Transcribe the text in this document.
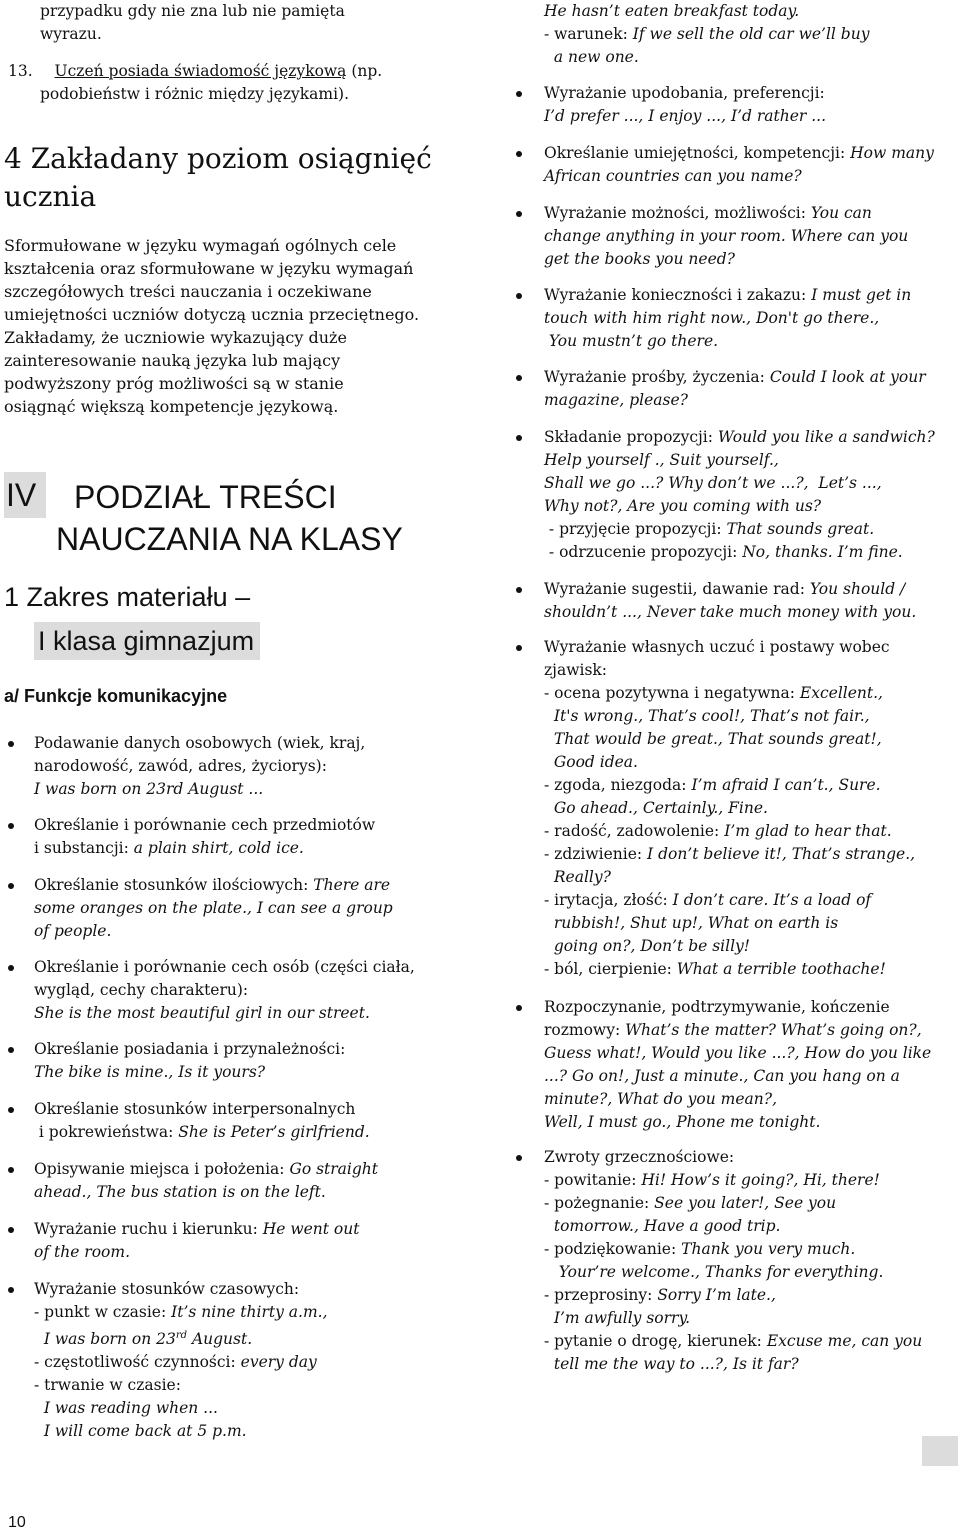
przypadku gdy nie zna lub nie pamięta
wyrazu.
13. Uczeń posiada świadomość językową (np.
podobieństw i różnic między językami).
4 Zakładany poziom osiągnięć
ucznia
Sformułowane w języku wymagań ogólnych cele
kształcenia oraz sformułowane w języku wymagań
szczegółowych treści nauczania i oczekiwane
umiejętności uczniów dotyczą ucznia przeciętnego.
Zakładamy, że uczniowie wykazujący duże
zainteresowanie nauką języka lub mający
podwyższony próg możliwości są w stanie
osiągnąć większą kompetencje językową.
IV	PODZIAŁ TREŚCI
NAUCZANIA NA KLASY
1 Zakres materiału –
I klasa gimnazjum
a/ Funkcje komunikacyjne
Podawanie danych osobowych (wiek, kraj,
narodowość, zawód, adres, życiorys):
I was born on 23rd August ...
Określanie i porównanie cech przedmiotów
i substancji: a plain shirt, cold ice.
Określanie stosunków ilościowych: There are
some oranges on the plate., I can see a group
of people.
Określanie i porównanie cech osób (części ciała,
wygląd, cechy charakteru):
She is the most beautiful girl in our street.
Określanie posiadania i przynależności:
The bike is mine., Is it yours?
Określanie stosunków interpersonalnych
i pokrewieństwa: She is Peter’s girlfriend.
Opisywanie miejsca i położenia: Go straight
ahead., The bus station is on the left.
Wyrażanie ruchu i kierunku: He went out
of the room.
Wyrażanie stosunków czasowych:
- punkt w czasie: It’s nine thirty a.m.,
I was born on 23rd August.
- częstotliwość czynności: every day
- trwanie w czasie:
I was reading when ...
I will come back at 5 p.m.
He hasn’t eaten breakfast today.
- warunek: If we sell the old car we’ll buy
a new one.
Wyrażanie upodobania, preferencji:
I’d prefer ..., I enjoy ..., I’d rather ...
Określanie umiejętności, kompetencji: How many
African countries can you name?
Wyrażanie możności, możliwości: You can
change anything in your room. Where can you
get the books you need?
Wyrażanie konieczności i zakazu: I must get in
touch with him right now., Don't go there.,
You mustn’t go there.
Wyrażanie prośby, życzenia: Could I look at your
magazine, please?
Składanie propozycji: Would you like a sandwich?
Help yourself ., Suit yourself.,
Shall we go ...? Why don’t we ...?,  Let’s ...,
Why not?, Are you coming with us?
- przyjęcie propozycji: That sounds great.
- odrzucenie propozycji: No, thanks. I’m fine.
Wyrażanie sugestii, dawanie rad: You should /
shouldn’t ..., Never take much money with you.
Wyrażanie własnych uczuć i postawy wobec
zjawisk:
- ocena pozytywna i negatywna: Excellent.,
It's wrong., That’s cool!, That’s not fair.,
That would be great., That sounds great!,
Good idea.
- zgoda, niezgoda: I’m afraid I can’t., Sure.
Go ahead., Certainly., Fine.
- radość, zadowolenie: I’m glad to hear that.
- zdziwienie: I don’t believe it!, That’s strange.,
Really?
- irytacja, złość: I don’t care. It’s a load of
rubbish!, Shut up!, What on earth is
going on?, Don’t be silly!
- ból, cierpienie: What a terrible toothache!
Rozpoczynanie, podtrzymywanie, kończenie
rozmowy: What’s the matter? What’s going on?,
Guess what!, Would you like ...?, How do you like
...? Go on!, Just a minute., Can you hang on a
minute?, What do you mean?,
Well, I must go., Phone me tonight.
Zwroty grzecznościowe:
- powitanie: Hi! How’s it going?, Hi, there!
- pożegnanie: See you later!, See you
tomorrow., Have a good trip.
- podziękowanie: Thank you very much.
Your’re welcome., Thanks for everything.
- przeprosiny: Sorry I’m late.,
I’m awfully sorry.
- pytanie o drogę, kierunek: Excuse me, can you
tell me the way to ...?, Is it far?
10
